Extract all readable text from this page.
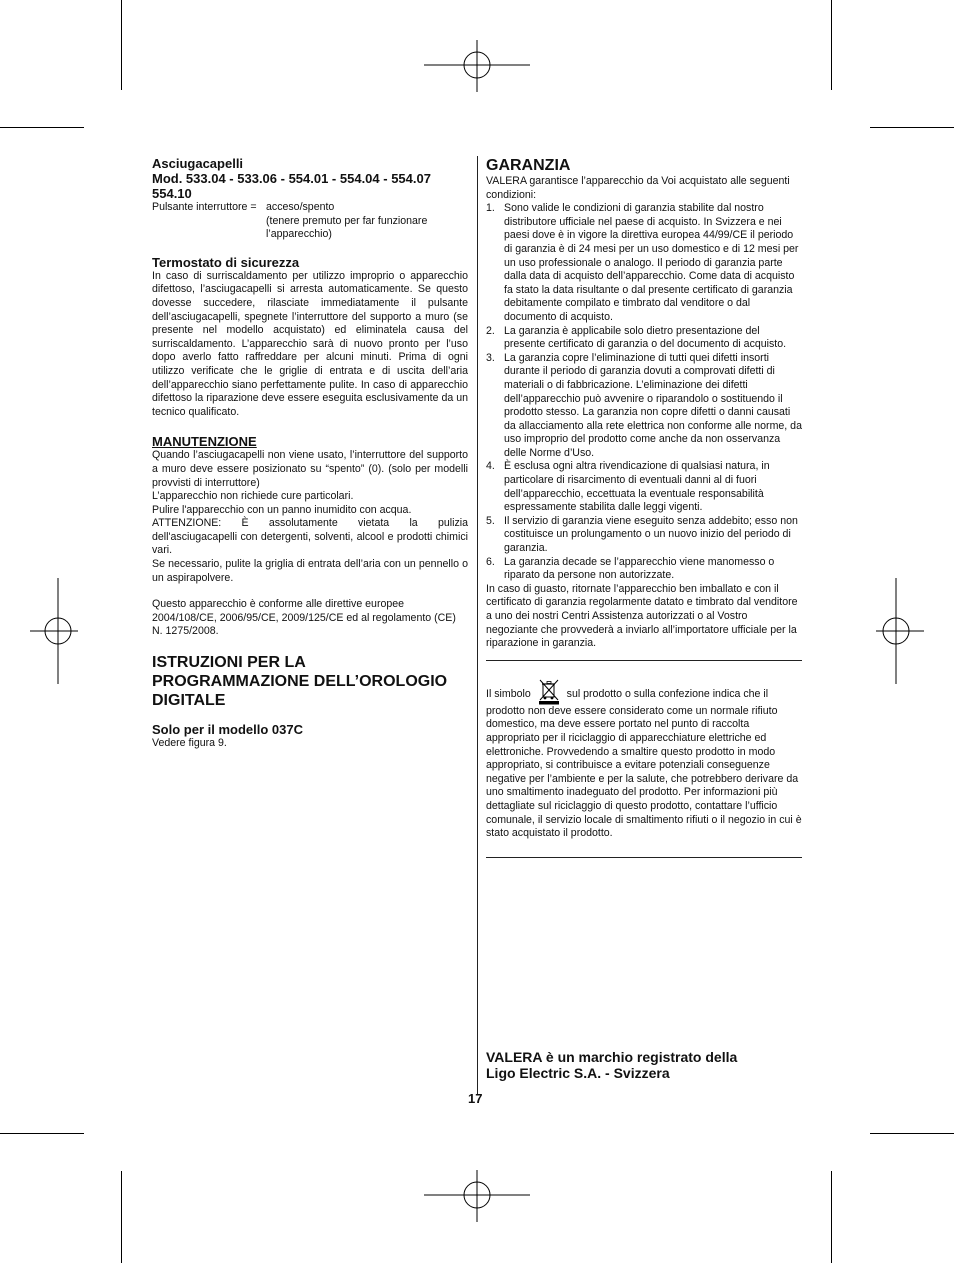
Asciugacapelli

Mod. 533.04 - 533.06 - 554.01 - 554.04 - 554.07

554.10

Pulsante interruttore = acceso/spento
(tenere premuto per far funzionare
l’apparecchio)

Termostato di sicurezza

In caso di surriscaldamento per utilizzo improprio o apparecchio difettoso, l’asciugacapelli si arresta automaticamente. Se questo dovesse succedere, rilasciate immediatamente il pulsante dell’asciugacapelli, spegnete l’interruttore del supporto a muro (se presente nel modello acquistato) ed eliminatela causa del surriscaldamento. L’apparecchio sarà di nuovo pronto per l’uso dopo averlo fatto raffreddare per alcuni minuti. Prima di ogni utilizzo verificate che le griglie di entrata e di uscita dell’aria dell’apparecchio siano perfettamente pulite. In caso di apparecchio difettoso la riparazione deve essere eseguita esclusivamente da un tecnico qualificato.

MANUTENZIONE

Quando l’asciugacapelli non viene usato, l’interruttore del supporto a muro deve essere posizionato su “spento” (0). (solo per modelli provvisti di interruttore)

L’apparecchio non richiede cure particolari.

Pulire l'apparecchio con un panno inumidito con acqua.

ATTENZIONE: È assolutamente vietata la pulizia dell'asciugacapelli con detergenti, solventi, alcool e prodotti chimici vari.

Se necessario, pulite la griglia di entrata dell’aria con un pennello o un aspirapolvere.

Questo apparecchio è conforme alle direttive europee 2004/108/CE, 2006/95/CE, 2009/125/CE ed al regolamento (CE) N. 1275/2008.

ISTRUZIONI PER LA PROGRAMMAZIONE DELL’OROLOGIO DIGITALE

Solo per il modello 037C

Vedere figura 9.

GARANZIA

VALERA garantisce l’apparecchio da Voi acquistato alle seguenti condizioni:

1. Sono valide le condizioni di garanzia stabilite dal nostro distributore ufficiale nel paese di acquisto. In Svizzera e nei paesi dove è in vigore la direttiva europea 44/99/CE il periodo di garanzia è di 24 mesi per un uso domestico e di 12 mesi per un uso professionale o analogo. Il periodo di garanzia parte dalla data di acquisto dell’apparecchio. Come data di acquisto fa stato la data risultante o dal presente certificato di garanzia debitamente compilato e timbrato dal venditore o dal documento di acquisto.
2. La garanzia è applicabile solo dietro presentazione del presente certificato di garanzia o del documento di acquisto.
3. La garanzia copre l’eliminazione di tutti quei difetti insorti durante il periodo di garanzia dovuti a comprovati difetti di materiali o di fabbricazione. L’eliminazione dei difetti dell’apparecchio può avvenire o riparandolo o sostituendo il prodotto stesso. La garanzia non copre difetti o danni causati da allacciamento alla rete elettrica non conforme alle norme, da uso improprio del prodotto come anche da non osservanza delle Norme d’Uso.
4. È esclusa ogni altra rivendicazione di qualsiasi natura, in particolare di risarcimento di eventuali danni al di fuori dell’apparecchio, eccettuata la eventuale responsabilità espressamente stabilita dalle leggi vigenti.
5. Il servizio di garanzia viene eseguito senza addebito; esso non costituisce un prolungamento o un nuovo inizio del periodo di garanzia.
6. La garanzia decade se l’apparecchio viene manomesso o riparato da persone non autorizzate.

In caso di guasto, ritornate l’apparecchio ben imballato e con il certificato di garanzia regolarmente datato e timbrato dal venditore a uno dei nostri Centri Assistenza autorizzati o al Vostro negoziante che provvederà a inviarlo all’importatore ufficiale per la riparazione in garanzia.

Il simbolo	sul prodotto o sulla confezione indica che il prodotto non deve essere considerato come un normale rifiuto domestico, ma deve essere portato nel punto di raccolta appropriato per il riciclaggio di apparecchiature elettriche ed elettroniche. Provvedendo a smaltire questo prodotto in modo appropriato, si contribuisce a evitare potenziali conseguenze negative per l’ambiente e per la salute, che potrebbero derivare da uno smaltimento inadeguato del prodotto. Per informazioni più dettagliate sul riciclaggio di questo prodotto, contattare l’ufficio comunale, il servizio locale di smaltimento rifiuti o il negozio in cui è stato acquistato il prodotto.

VALERA è un marchio registrato della
Ligo Electric S.A. - Svizzera
17
